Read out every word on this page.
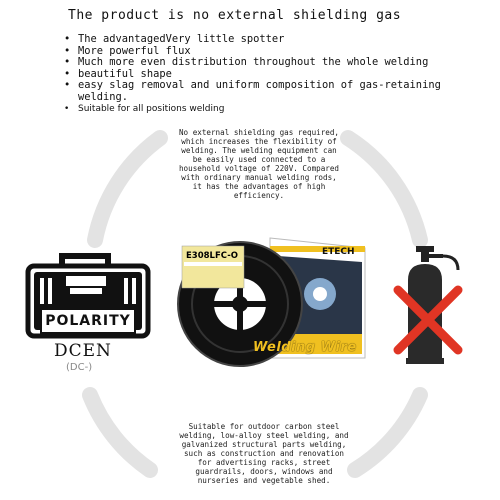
The product is no external shielding gas
• The advantagedVery little spotter
• More powerful flux
• Much more even distribution throughout the whole welding
• beautiful shape
• easy slag removal and uniform composition of gas-retaining welding.
• Suitable for all positions welding
No external shielding gas required, which increases the flexibility of welding. The welding equipment can be easily used connected to a household voltage of 220V. Compared with ordinary manual welding rods, it has the advantages of high efficiency.
POLARITY
DCEN
(DC-)
E308LFC-O	ETECH
Welding Wire
Suitable for outdoor carbon steel welding, low-alloy steel welding, and galvanized structural parts welding, such as construction and renovation for advertising racks, street guardrails, doors, windows and nurseries and vegetable shed.
